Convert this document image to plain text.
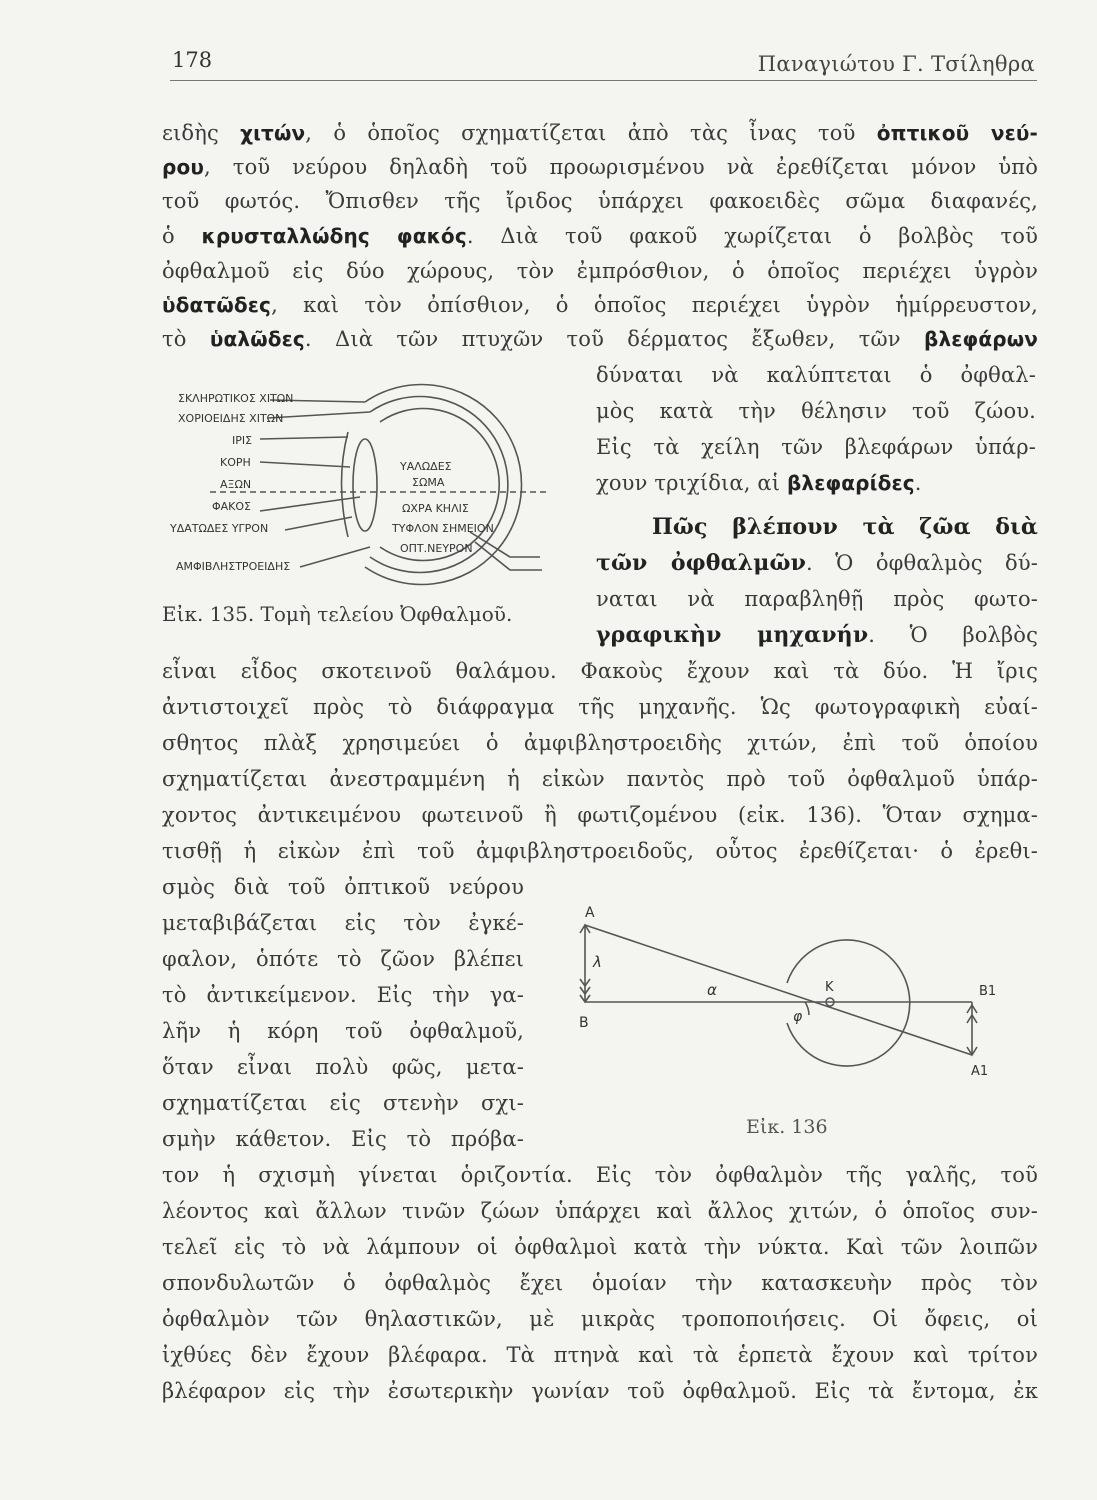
178	Παναγιώτου Γ. Τσίληθρα

ειδὴς χιτών, ὁ ὁποῖος σχηματίζεται ἀπὸ τὰς ἶνας τοῦ ὀπτικοῦ νεύ-

ρου, τοῦ νεύρου δηλαδὴ τοῦ προωρισμένου νὰ ἐρεθίζεται μόνον ὑπὸ

τοῦ φωτός. Ὄπισθεν τῆς ἴριδος ὑπάρχει φακοειδὲς σῶμα διαφανές,

ὁ κρυσταλλώδης φακός. Διὰ τοῦ φακοῦ χωρίζεται ὁ βολβὸς τοῦ

ὀφθαλμοῦ εἰς δύο χώρους, τὸν ἐμπρόσθιον, ὁ ὁποῖος περιέχει ὑγρὸν

ὑδατῶδες, καὶ τὸν ὀπίσθιον, ὁ ὁποῖος περιέχει ὑγρὸν ἡμίρρευστον,

τὸ ὑαλῶδες. Διὰ τῶν πτυχῶν τοῦ δέρματος ἔξωθεν, τῶν βλεφάρων

δύναται νὰ καλύπτεται ὁ ὀφθαλ-

μὸς κατὰ τὴν θέλησιν τοῦ ζώου.

Εἰς τὰ χείλη τῶν βλεφάρων ὑπάρ-

χουν τριχίδια, αἱ βλεφαρίδες.

ΣΚΛΗΡΩΤΙΚΟΣ ΧΙΤΩΝ
ΧΟΡΙΟΕΙΔΗΣ ΧΙΤΩΝ
ΙΡΙΣ
ΚΟΡΗ
ΑΞΩΝ
ΦΑΚΟΣ
ΥΔΑΤΩΔΕΣ ΥΓΡΟΝ
ΑΜΦΙΒΛΗΣΤΡΟΕΙΔΗΣ
ΥΑΛΩΔΕΣ
ΣΩΜΑ
ΩΧΡΑ ΚΗΛΙΣ
ΤΥΦΛΟΝ ΣΗΜΕΙΟΝ
ΟΠΤ.ΝΕΥΡΟΝ
Εἰκ. 135. Τομὴ τελείου Ὀφθαλμοῦ.

Πῶς βλέπουν τὰ ζῶα διὰ

τῶν ὀφθαλμῶν. Ὁ ὀφθαλμὸς δύ-

ναται νὰ παραβληθῇ πρὸς φωτο-

γραφικὴν μηχανήν. Ὁ βολβὸς

εἶναι εἶδος σκοτεινοῦ θαλάμου. Φακοὺς ἔχουν καὶ τὰ δύο. Ἡ ἴρις

ἀντιστοιχεῖ πρὸς τὸ διάφραγμα τῆς μηχανῆς. Ὡς φωτογραφικὴ εὐαί-

σθητος πλὰξ χρησιμεύει ὁ ἀμφιβληστροειδὴς χιτών, ἐπὶ τοῦ ὁποίου

σχηματίζεται ἀνεστραμμένη ἡ εἰκὼν παντὸς πρὸ τοῦ ὀφθαλμοῦ ὑπάρ-

χοντος ἀντικειμένου φωτεινοῦ ἢ φωτιζομένου (εἰκ. 136). Ὅταν σχημα-

τισθῇ ἡ εἰκὼν ἐπὶ τοῦ ἀμφιβληστροειδοῦς, οὗτος ἐρεθίζεται· ὁ ἐρεθι-

σμὸς διὰ τοῦ ὀπτικοῦ νεύρου

μεταβιβάζεται εἰς τὸν ἐγκέ-

φαλον, ὁπότε τὸ ζῶον βλέπει

τὸ ἀντικείμενον. Εἰς τὴν γα-

λῆν ἡ κόρη τοῦ ὀφθαλμοῦ,

ὅταν εἶναι πολὺ φῶς, μετα-

σχηματίζεται εἰς στενὴν σχι-

σμὴν κάθετον. Εἰς τὸ πρόβα-

A
B
λ
α	K
φ
B1
A1
Εἰκ. 136

τον ἡ σχισμὴ γίνεται ὁριζοντία. Εἰς τὸν ὀφθαλμὸν τῆς γαλῆς, τοῦ

λέοντος καὶ ἄλλων τινῶν ζώων ὑπάρχει καὶ ἄλλος χιτών, ὁ ὁποῖος συν-

τελεῖ εἰς τὸ νὰ λάμπουν οἱ ὀφθαλμοὶ κατὰ τὴν νύκτα. Καὶ τῶν λοιπῶν

σπονδυλωτῶν ὁ ὀφθαλμὸς ἔχει ὁμοίαν τὴν κατασκευὴν πρὸς τὸν

ὀφθαλμὸν τῶν θηλαστικῶν, μὲ μικρὰς τροποποιήσεις. Οἱ ὄφεις, οἱ

ἰχθύες δὲν ἔχουν βλέφαρα. Τὰ πτηνὰ καὶ τὰ ἑρπετὰ ἔχουν καὶ τρίτον

βλέφαρον εἰς τὴν ἐσωτερικὴν γωνίαν τοῦ ὀφθαλμοῦ. Εἰς τὰ ἔντομα, ἐκ
